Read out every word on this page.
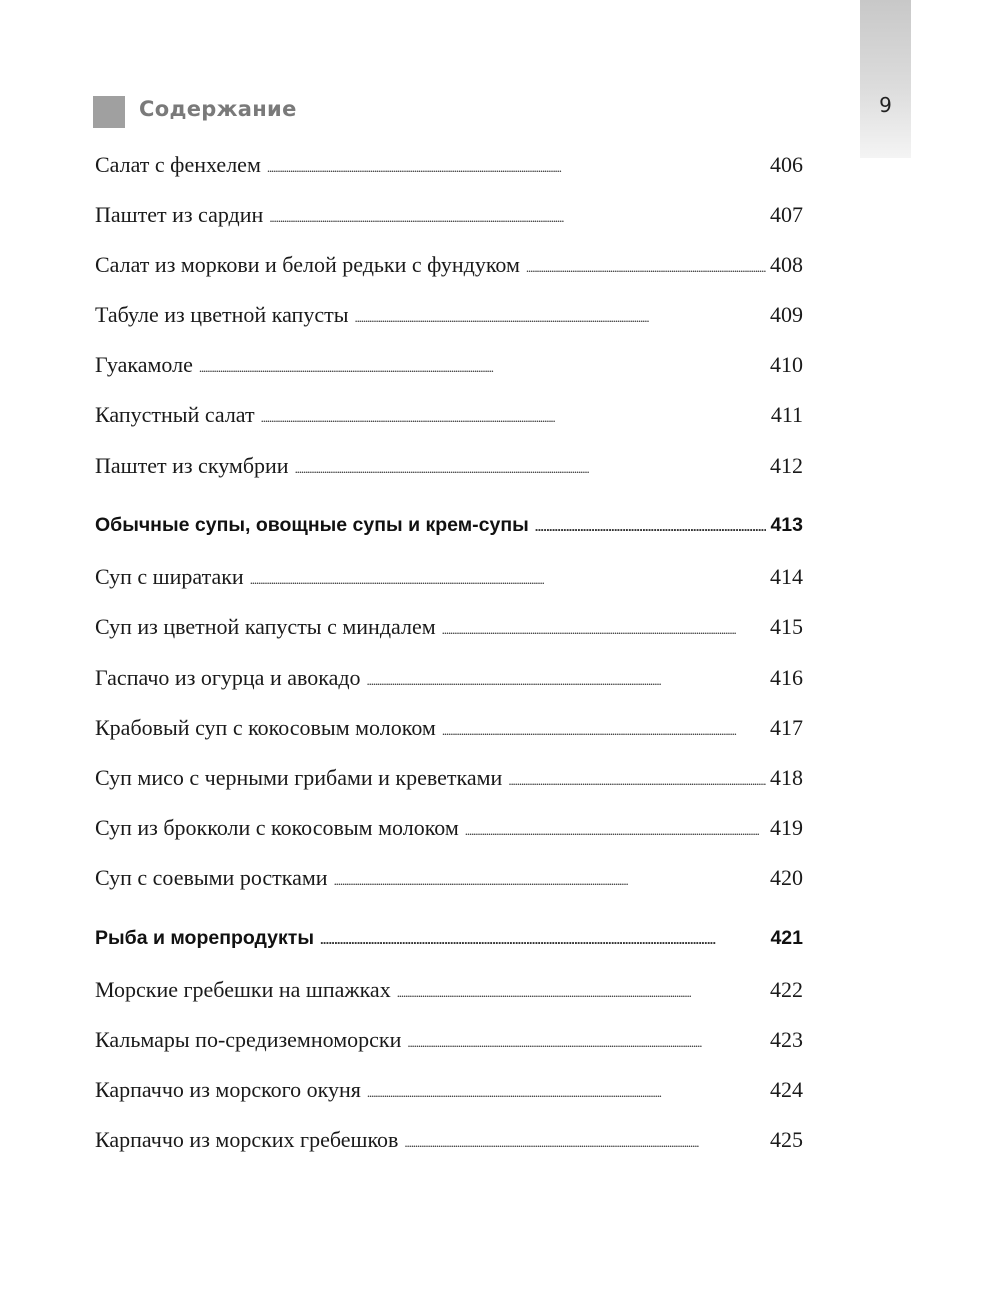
9
Содержание
Салат с фенхелем . . .	406
Паштет из сардин . . .	407
Салат из моркови и белой редьки с фундуком . . .	408
Табуле из цветной капусты . . .	409
Гуакамоле . . .	410
Капустный салат . . .	411
Паштет из скумбрии . . .	412
Обычные супы, овощные супы и крем-супы . . .	413
Суп с ширатаки . . .	414
Суп из цветной капусты с миндалем . . .	415
Гаспачо из огурца и авокадо . . .	416
Крабовый суп с кокосовым молоком . . .	417
Суп мисо с черными грибами и креветками . . .	418
Суп из брокколи с кокосовым молоком . . .	419
Суп с соевыми ростками . . .	420
Рыба и морепродукты . . .	421
Морские гребешки на шпажках . . .	422
Кальмары по-средиземноморски . . .	423
Карпаччо из морского окуня . . .	424
Карпаччо из морских гребешков . . .	425
